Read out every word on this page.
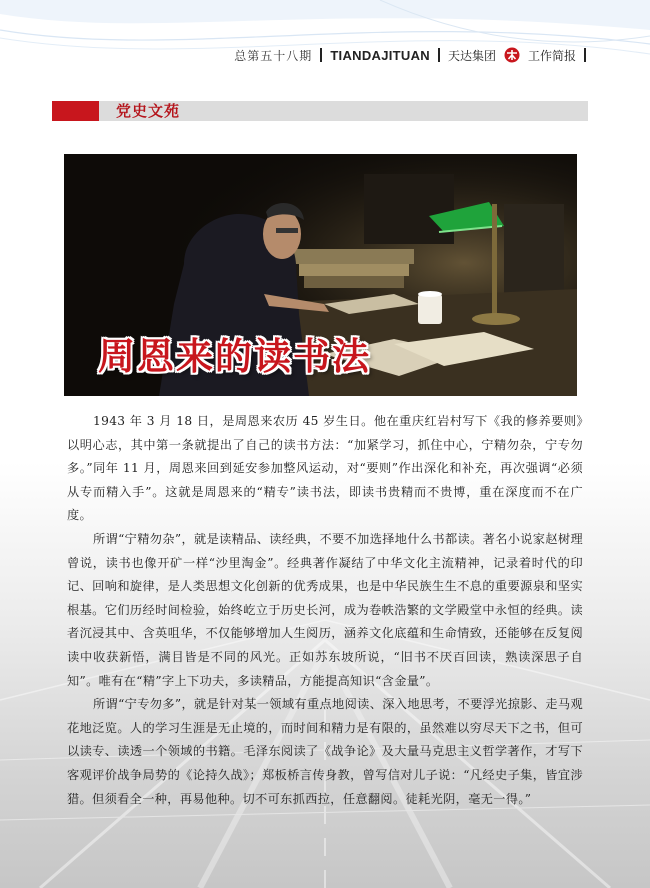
总第五十八期 TIANDAJITUAN 天达集团	工作简报
党史文苑
周恩来的读书法

1943 年 3 月 18 日，是周恩来农历 45 岁生日。他在重庆红岩村写下《我的修养要则》以明心志，其中第一条就提出了自己的读书方法：“加紧学习，抓住中心，宁精勿杂，宁专勿多。”同年 11 月，周恩来回到延安参加整风运动，对“要则”作出深化和补充，再次强调“必须从专而精入手”。这就是周恩来的“精专”读书法，即读书贵精而不贵博，重在深度而不在广度。

所谓“宁精勿杂”，就是读精品、读经典，不要不加选择地什么书都读。著名小说家赵树理曾说，读书也像开矿一样“沙里淘金”。经典著作凝结了中华文化主流精神，记录着时代的印记、回响和旋律，是人类思想文化创新的优秀成果，也是中华民族生生不息的重要源泉和坚实根基。它们历经时间检验，始终屹立于历史长河，成为卷帙浩繁的文学殿堂中永恒的经典。读者沉浸其中、含英咀华，不仅能够增加人生阅历，涵养文化底蕴和生命情致，还能够在反复阅读中收获新悟，满目皆是不同的风光。正如苏东坡所说，“旧书不厌百回读，熟读深思子自知”。唯有在“精”字上下功夫，多读精品，方能提高知识“含金量”。

所谓“宁专勿多”，就是针对某一领域有重点地阅读、深入地思考，不要浮光掠影、走马观花地泛览。人的学习生涯是无止境的，而时间和精力是有限的，虽然难以穷尽天下之书，但可以读专、读透一个领域的书籍。毛泽东阅读了《战争论》及大量马克思主义哲学著作，才写下客观评价战争局势的《论持久战》；郑板桥言传身教，曾写信对儿子说：“凡经史子集，皆宜涉猎。但须看全一种，再易他种。切不可东抓西拉，任意翻阅。徒耗光阴，毫无一得。”
